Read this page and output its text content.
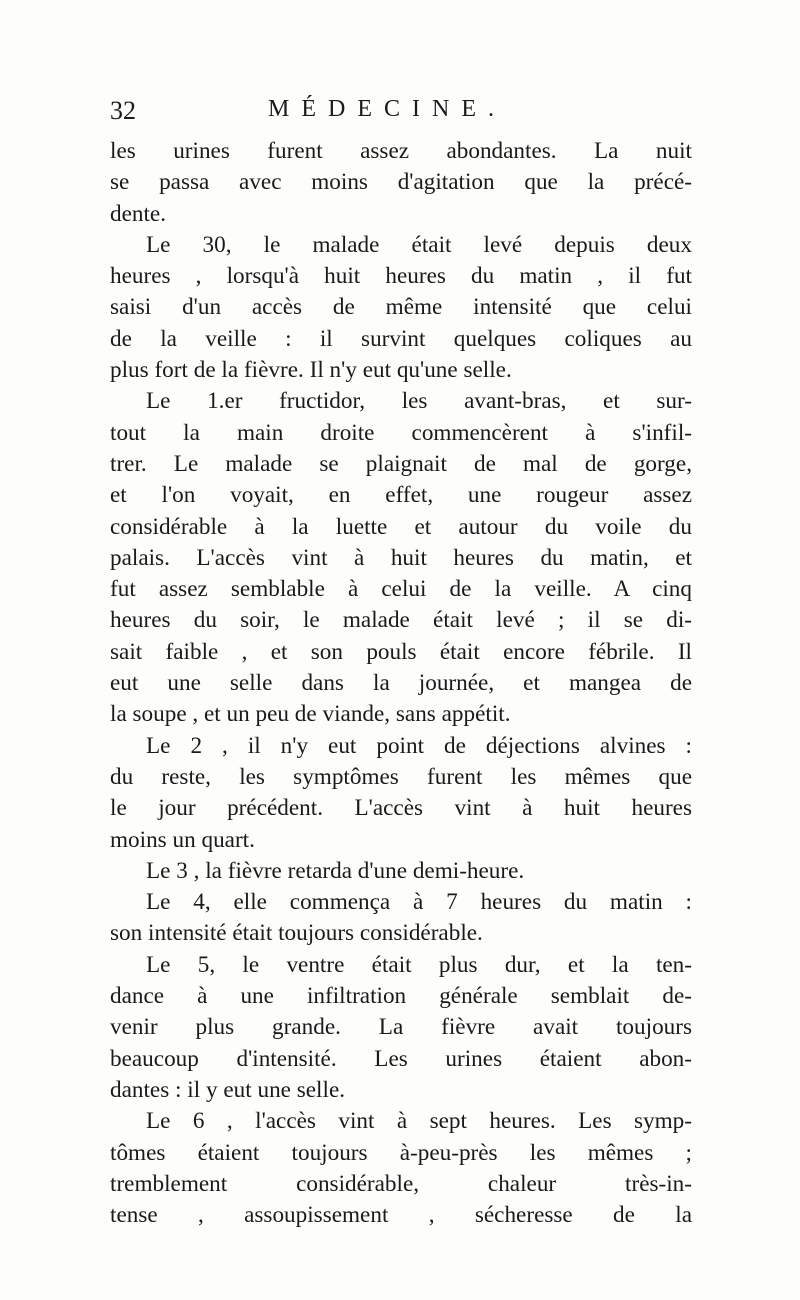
32	MÉDECINE.
les urines furent assez abondantes. La nuit
se passa avec moins d'agitation que la précé-
dente.
Le 30, le malade était levé depuis deux
heures , lorsqu'à huit heures du matin , il fut
saisi d'un accès de même intensité que celui
de la veille : il survint quelques coliques au
plus fort de la fièvre. Il n'y eut qu'une selle.
Le 1.er fructidor, les avant-bras, et sur-
tout la main droite commencèrent à s'infil-
trer. Le malade se plaignait de mal de gorge,
et l'on voyait, en effet, une rougeur assez
considérable à la luette et autour du voile du
palais. L'accès vint à huit heures du matin, et
fut assez semblable à celui de la veille. A cinq
heures du soir, le malade était levé ; il se di-
sait faible , et son pouls était encore fébrile. Il
eut une selle dans la journée, et mangea de
la soupe , et un peu de viande, sans appétit.
Le 2 , il n'y eut point de déjections alvines :
du reste, les symptômes furent les mêmes que
le jour précédent. L'accès vint à huit heures
moins un quart.
Le 3 , la fièvre retarda d'une demi-heure.
Le 4, elle commença à 7 heures du matin :
son intensité était toujours considérable.
Le 5, le ventre était plus dur, et la ten-
dance à une infiltration générale semblait de-
venir plus grande. La fièvre avait toujours
beaucoup d'intensité. Les urines étaient abon-
dantes : il y eut une selle.
Le 6 , l'accès vint à sept heures. Les symp-
tômes étaient toujours à-peu-près les mêmes ;
tremblement considérable, chaleur très-in-
tense , assoupissement , sécheresse de la
